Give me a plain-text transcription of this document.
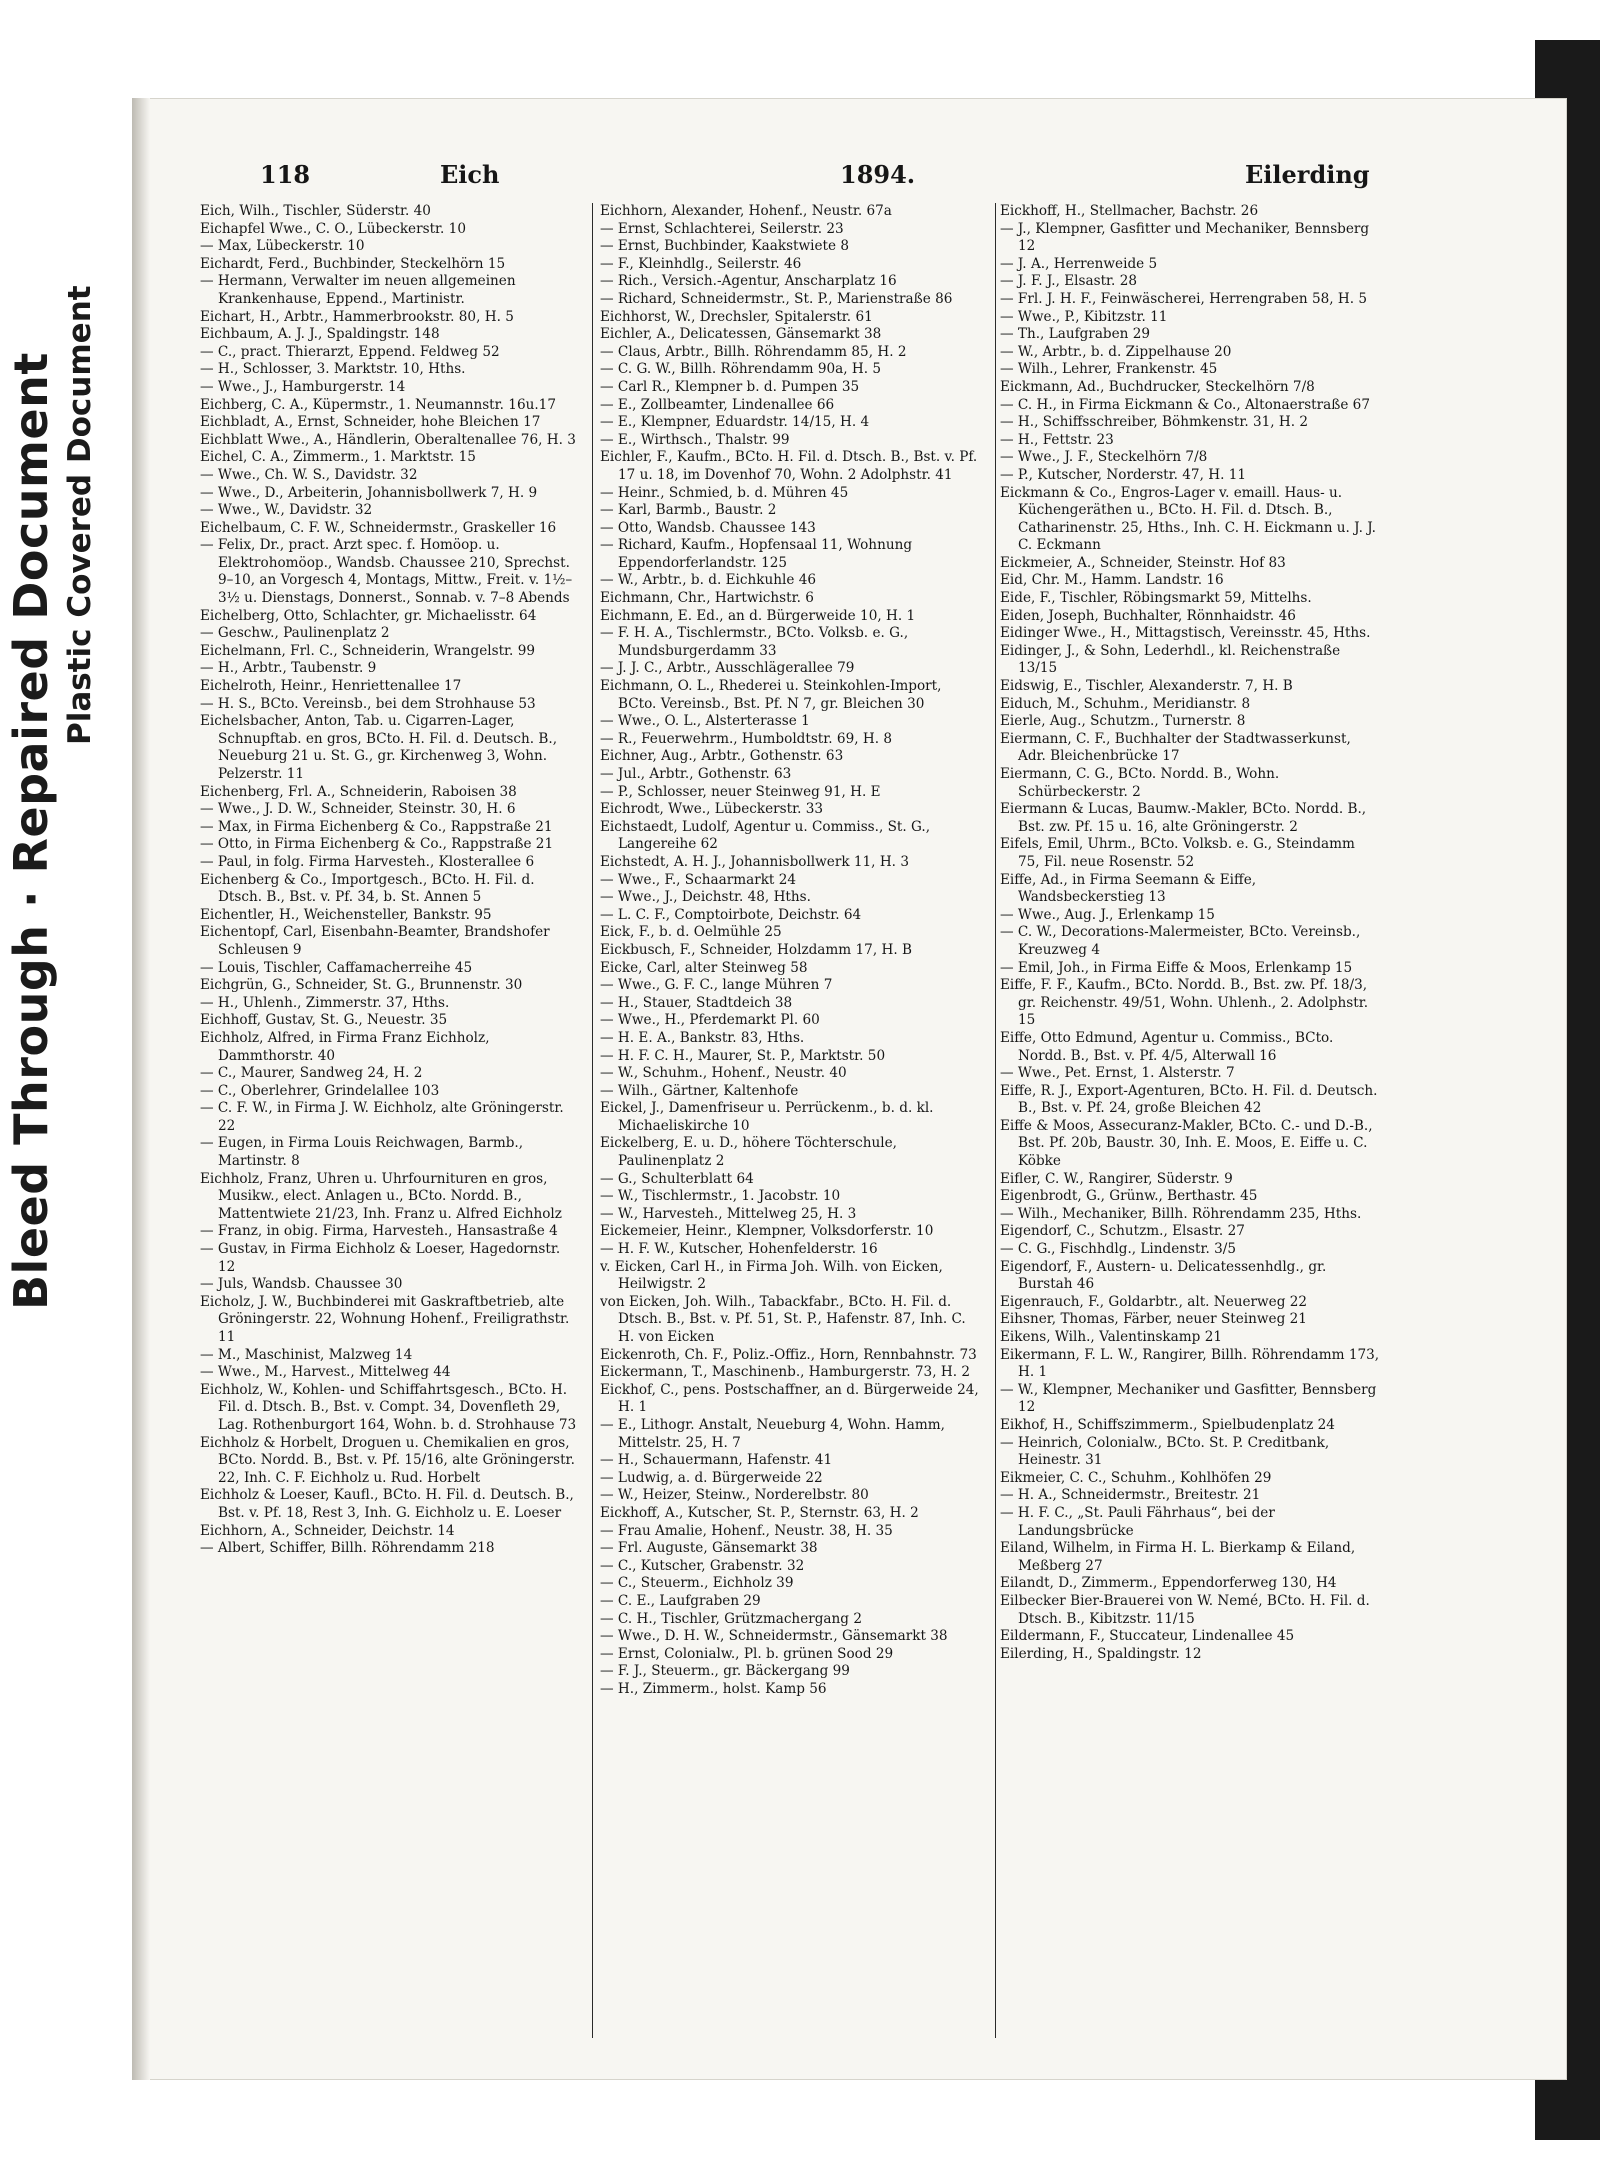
Bleed Through · Repaired Document Plastic Covered Document
118	Eich	1894.	Eilerding
Eich, Wilh., Tischler, Süderstr. 40
Eichapfel Wwe., C. O., Lübeckerstr. 10
— Max, Lübeckerstr. 10
Eichardt, Ferd., Buchbinder, Steckelhörn 15
— Hermann, Verwalter im neuen allgemeinen Krankenhause, Eppend., Martinistr.
Eichart, H., Arbtr., Hammerbrookstr. 80, H. 5
Eichbaum, A. J. J., Spaldingstr. 148
— C., pract. Thierarzt, Eppend. Feldweg 52
— H., Schlosser, 3. Marktstr. 10, Hths.
— Wwe., J., Hamburgerstr. 14
Eichberg, C. A., Küpermstr., 1. Neumannstr. 16u.17
Eichbladt, A., Ernst, Schneider, hohe Bleichen 17
Eichblatt Wwe., A., Händlerin, Oberaltenallee 76, H. 3
Eichel, C. A., Zimmerm., 1. Marktstr. 15
— Wwe., Ch. W. S., Davidstr. 32
— Wwe., D., Arbeiterin, Johannisbollwerk 7, H. 9
— Wwe., W., Davidstr. 32
Eichelbaum, C. F. W., Schneidermstr., Graskeller 16
— Felix, Dr., pract. Arzt spec. f. Homöop. u. Elektrohomöop., Wandsb. Chaussee 210, Sprechst. 9–10, an Vorgesch 4, Montags, Mittw., Freit. v. 1½–3½ u. Dienstags, Donnerst., Sonnab. v. 7–8 Abends
Eichelberg, Otto, Schlachter, gr. Michaelisstr. 64
— Geschw., Paulinenplatz 2
Eichelmann, Frl. C., Schneiderin, Wrangelstr. 99
— H., Arbtr., Taubenstr. 9
Eichelroth, Heinr., Henriettenallee 17
— H. S., BCto. Vereinsb., bei dem Strohhause 53
Eichelsbacher, Anton, Tab. u. Cigarren-Lager, Schnupftab. en gros, BCto. H. Fil. d. Deutsch. B., Neueburg 21 u. St. G., gr. Kirchenweg 3, Wohn. Pelzerstr. 11
Eichenberg, Frl. A., Schneiderin, Raboisen 38
— Wwe., J. D. W., Schneider, Steinstr. 30, H. 6
— Max, in Firma Eichenberg & Co., Rappstraße 21
— Otto, in Firma Eichenberg & Co., Rappstraße 21
— Paul, in folg. Firma Harvesteh., Klosterallee 6
Eichenberg & Co., Importgesch., BCto. H. Fil. d. Dtsch. B., Bst. v. Pf. 34, b. St. Annen 5
Eichentler, H., Weichensteller, Bankstr. 95
Eichentopf, Carl, Eisenbahn-Beamter, Brandshofer Schleusen 9
— Louis, Tischler, Caffamacherreihe 45
Eichgrün, G., Schneider, St. G., Brunnenstr. 30
— H., Uhlenh., Zimmerstr. 37, Hths.
Eichhoff, Gustav, St. G., Neuestr. 35
Eichholz, Alfred, in Firma Franz Eichholz, Dammthorstr. 40
— C., Maurer, Sandweg 24, H. 2
— C., Oberlehrer, Grindelallee 103
— C. F. W., in Firma J. W. Eichholz, alte Gröningerstr. 22
— Eugen, in Firma Louis Reichwagen, Barmb., Martinstr. 8
Eichholz, Franz, Uhren u. Uhrfournituren en gros, Musikw., elect. Anlagen u., BCto. Nordd. B., Mattentwiete 21/23, Inh. Franz u. Alfred Eichholz
— Franz, in obig. Firma, Harvesteh., Hansastraße 4
— Gustav, in Firma Eichholz & Loeser, Hagedornstr. 12
— Juls, Wandsb. Chaussee 30
Eicholz, J. W., Buchbinderei mit Gaskraftbetrieb, alte Gröningerstr. 22, Wohnung Hohenf., Freiligrathstr. 11
— M., Maschinist, Malzweg 14
— Wwe., M., Harvest., Mittelweg 44
Eichholz, W., Kohlen- und Schiffahrtsgesch., BCto. H. Fil. d. Dtsch. B., Bst. v. Compt. 34, Dovenfleth 29, Lag. Rothenburgort 164, Wohn. b. d. Strohhause 73
Eichholz & Horbelt, Droguen u. Chemikalien en gros, BCto. Nordd. B., Bst. v. Pf. 15/16, alte Gröningerstr. 22, Inh. C. F. Eichholz u. Rud. Horbelt
Eichholz & Loeser, Kaufl., BCto. H. Fil. d. Deutsch. B., Bst. v. Pf. 18, Rest 3, Inh. G. Eichholz u. E. Loeser
Eichhorn, A., Schneider, Deichstr. 14
— Albert, Schiffer, Billh. Röhrendamm 218
Eichhorn, Alexander, Hohenf., Neustr. 67a
— Ernst, Schlachterei, Seilerstr. 23
— Ernst, Buchbinder, Kaakstwiete 8
— F., Kleinhdlg., Seilerstr. 46
— Rich., Versich.-Agentur, Anscharplatz 16
— Richard, Schneidermstr., St. P., Marienstraße 86
Eichhorst, W., Drechsler, Spitalerstr. 61
Eichler, A., Delicatessen, Gänsemarkt 38
— Claus, Arbtr., Billh. Röhrendamm 85, H. 2
— C. G. W., Billh. Röhrendamm 90a, H. 5
— Carl R., Klempner b. d. Pumpen 35
— E., Zollbeamter, Lindenallee 66
— E., Klempner, Eduardstr. 14/15, H. 4
— E., Wirthsch., Thalstr. 99
Eichler, F., Kaufm., BCto. H. Fil. d. Dtsch. B., Bst. v. Pf. 17 u. 18, im Dovenhof 70, Wohn. 2 Adolphstr. 41
— Heinr., Schmied, b. d. Mühren 45
— Karl, Barmb., Baustr. 2
— Otto, Wandsb. Chaussee 143
— Richard, Kaufm., Hopfensaal 11, Wohnung Eppendorferlandstr. 125
— W., Arbtr., b. d. Eichkuhle 46
Eichmann, Chr., Hartwichstr. 6
Eichmann, E. Ed., an d. Bürgerweide 10, H. 1
— F. H. A., Tischlermstr., BCto. Volksb. e. G., Mundsburgerdamm 33
— J. J. C., Arbtr., Ausschlägerallee 79
Eichmann, O. L., Rhederei u. Steinkohlen-Import, BCto. Vereinsb., Bst. Pf. N 7, gr. Bleichen 30
— Wwe., O. L., Alsterterasse 1
— R., Feuerwehrm., Humboldtstr. 69, H. 8
Eichner, Aug., Arbtr., Gothenstr. 63
— Jul., Arbtr., Gothenstr. 63
— P., Schlosser, neuer Steinweg 91, H. E
Eichrodt, Wwe., Lübeckerstr. 33
Eichstaedt, Ludolf, Agentur u. Commiss., St. G., Langereihe 62
Eichstedt, A. H. J., Johannisbollwerk 11, H. 3
— Wwe., F., Schaarmarkt 24
— Wwe., J., Deichstr. 48, Hths.
— L. C. F., Comptoirbote, Deichstr. 64
Eick, F., b. d. Oelmühle 25
Eickbusch, F., Schneider, Holzdamm 17, H. B
Eicke, Carl, alter Steinweg 58
— Wwe., G. F. C., lange Mühren 7
— H., Stauer, Stadtdeich 38
— Wwe., H., Pferdemarkt Pl. 60
— H. E. A., Bankstr. 83, Hths.
— H. F. C. H., Maurer, St. P., Marktstr. 50
— W., Schuhm., Hohenf., Neustr. 40
— Wilh., Gärtner, Kaltenhofe
Eickel, J., Damenfriseur u. Perrückenm., b. d. kl. Michaeliskirche 10
Eickelberg, E. u. D., höhere Töchterschule, Paulinenplatz 2
— G., Schulterblatt 64
— W., Tischlermstr., 1. Jacobstr. 10
— W., Harvesteh., Mittelweg 25, H. 3
Eickemeier, Heinr., Klempner, Volksdorferstr. 10
— H. F. W., Kutscher, Hohenfelderstr. 16
v. Eicken, Carl H., in Firma Joh. Wilh. von Eicken, Heilwigstr. 2
von Eicken, Joh. Wilh., Tabackfabr., BCto. H. Fil. d. Dtsch. B., Bst. v. Pf. 51, St. P., Hafenstr. 87, Inh. C. H. von Eicken
Eickenroth, Ch. F., Poliz.-Offiz., Horn, Rennbahnstr. 73
Eickermann, T., Maschinenb., Hamburgerstr. 73, H. 2
Eickhof, C., pens. Postschaffner, an d. Bürgerweide 24, H. 1
— E., Lithogr. Anstalt, Neueburg 4, Wohn. Hamm, Mittelstr. 25, H. 7
— H., Schauermann, Hafenstr. 41
— Ludwig, a. d. Bürgerweide 22
— W., Heizer, Steinw., Norderelbstr. 80
Eickhoff, A., Kutscher, St. P., Sternstr. 63, H. 2
— Frau Amalie, Hohenf., Neustr. 38, H. 35
— Frl. Auguste, Gänsemarkt 38
— C., Kutscher, Grabenstr. 32
— C., Steuerm., Eichholz 39
— C. E., Laufgraben 29
— C. H., Tischler, Grützmachergang 2
— Wwe., D. H. W., Schneidermstr., Gänsemarkt 38
— Ernst, Colonialw., Pl. b. grünen Sood 29
— F. J., Steuerm., gr. Bäckergang 99
— H., Zimmerm., holst. Kamp 56
Eickhoff, H., Stellmacher, Bachstr. 26
— J., Klempner, Gasfitter und Mechaniker, Bennsberg 12
— J. A., Herrenweide 5
— J. F. J., Elsastr. 28
— Frl. J. H. F., Feinwäscherei, Herrengraben 58, H. 5
— Wwe., P., Kibitzstr. 11
— Th., Laufgraben 29
— W., Arbtr., b. d. Zippelhause 20
— Wilh., Lehrer, Frankenstr. 45
Eickmann, Ad., Buchdrucker, Steckelhörn 7/8
— C. H., in Firma Eickmann & Co., Altonaerstraße 67
— H., Schiffsschreiber, Böhmkenstr. 31, H. 2
— H., Fettstr. 23
— Wwe., J. F., Steckelhörn 7/8
— P., Kutscher, Norderstr. 47, H. 11
Eickmann & Co., Engros-Lager v. emaill. Haus- u. Küchengeräthen u., BCto. H. Fil. d. Dtsch. B., Catharinenstr. 25, Hths., Inh. C. H. Eickmann u. J. J. C. Eckmann
Eickmeier, A., Schneider, Steinstr. Hof 83
Eid, Chr. M., Hamm. Landstr. 16
Eide, F., Tischler, Röbingsmarkt 59, Mittelhs.
Eiden, Joseph, Buchhalter, Rönnhaidstr. 46
Eidinger Wwe., H., Mittagstisch, Vereinsstr. 45, Hths.
Eidinger, J., & Sohn, Lederhdl., kl. Reichenstraße 13/15
Eidswig, E., Tischler, Alexanderstr. 7, H. B
Eiduch, M., Schuhm., Meridianstr. 8
Eierle, Aug., Schutzm., Turnerstr. 8
Eiermann, C. F., Buchhalter der Stadtwasserkunst, Adr. Bleichenbrücke 17
Eiermann, C. G., BCto. Nordd. B., Wohn. Schürbeckerstr. 2
Eiermann & Lucas, Baumw.-Makler, BCto. Nordd. B., Bst. zw. Pf. 15 u. 16, alte Gröningerstr. 2
Eifels, Emil, Uhrm., BCto. Volksb. e. G., Steindamm 75, Fil. neue Rosenstr. 52
Eiffe, Ad., in Firma Seemann & Eiffe, Wandsbeckerstieg 13
— Wwe., Aug. J., Erlenkamp 15
— C. W., Decorations-Malermeister, BCto. Vereinsb., Kreuzweg 4
— Emil, Joh., in Firma Eiffe & Moos, Erlenkamp 15
Eiffe, F. F., Kaufm., BCto. Nordd. B., Bst. zw. Pf. 18/3, gr. Reichenstr. 49/51, Wohn. Uhlenh., 2. Adolphstr. 15
Eiffe, Otto Edmund, Agentur u. Commiss., BCto. Nordd. B., Bst. v. Pf. 4/5, Alterwall 16
— Wwe., Pet. Ernst, 1. Alsterstr. 7
Eiffe, R. J., Export-Agenturen, BCto. H. Fil. d. Deutsch. B., Bst. v. Pf. 24, große Bleichen 42
Eiffe & Moos, Assecuranz-Makler, BCto. C.- und D.-B., Bst. Pf. 20b, Baustr. 30, Inh. E. Moos, E. Eiffe u. C. Köbke
Eifler, C. W., Rangirer, Süderstr. 9
Eigenbrodt, G., Grünw., Berthastr. 45
— Wilh., Mechaniker, Billh. Röhrendamm 235, Hths.
Eigendorf, C., Schutzm., Elsastr. 27
— C. G., Fischhdlg., Lindenstr. 3/5
Eigendorf, F., Austern- u. Delicatessenhdlg., gr. Burstah 46
Eigenrauch, F., Goldarbtr., alt. Neuerweg 22
Eihsner, Thomas, Färber, neuer Steinweg 21
Eikens, Wilh., Valentinskamp 21
Eikermann, F. L. W., Rangirer, Billh. Röhrendamm 173, H. 1
— W., Klempner, Mechaniker und Gasfitter, Bennsberg 12
Eikhof, H., Schiffszimmerm., Spielbudenplatz 24
— Heinrich, Colonialw., BCto. St. P. Creditbank, Heinestr. 31
Eikmeier, C. C., Schuhm., Kohlhöfen 29
— H. A., Schneidermstr., Breitestr. 21
— H. F. C., „St. Pauli Fährhaus“, bei der Landungsbrücke
Eiland, Wilhelm, in Firma H. L. Bierkamp & Eiland, Meßberg 27
Eilandt, D., Zimmerm., Eppendorferweg 130, H4
Eilbecker Bier-Brauerei von W. Nemé, BCto. H. Fil. d. Dtsch. B., Kibitzstr. 11/15
Eildermann, F., Stuccateur, Lindenallee 45
Eilerding, H., Spaldingstr. 12
